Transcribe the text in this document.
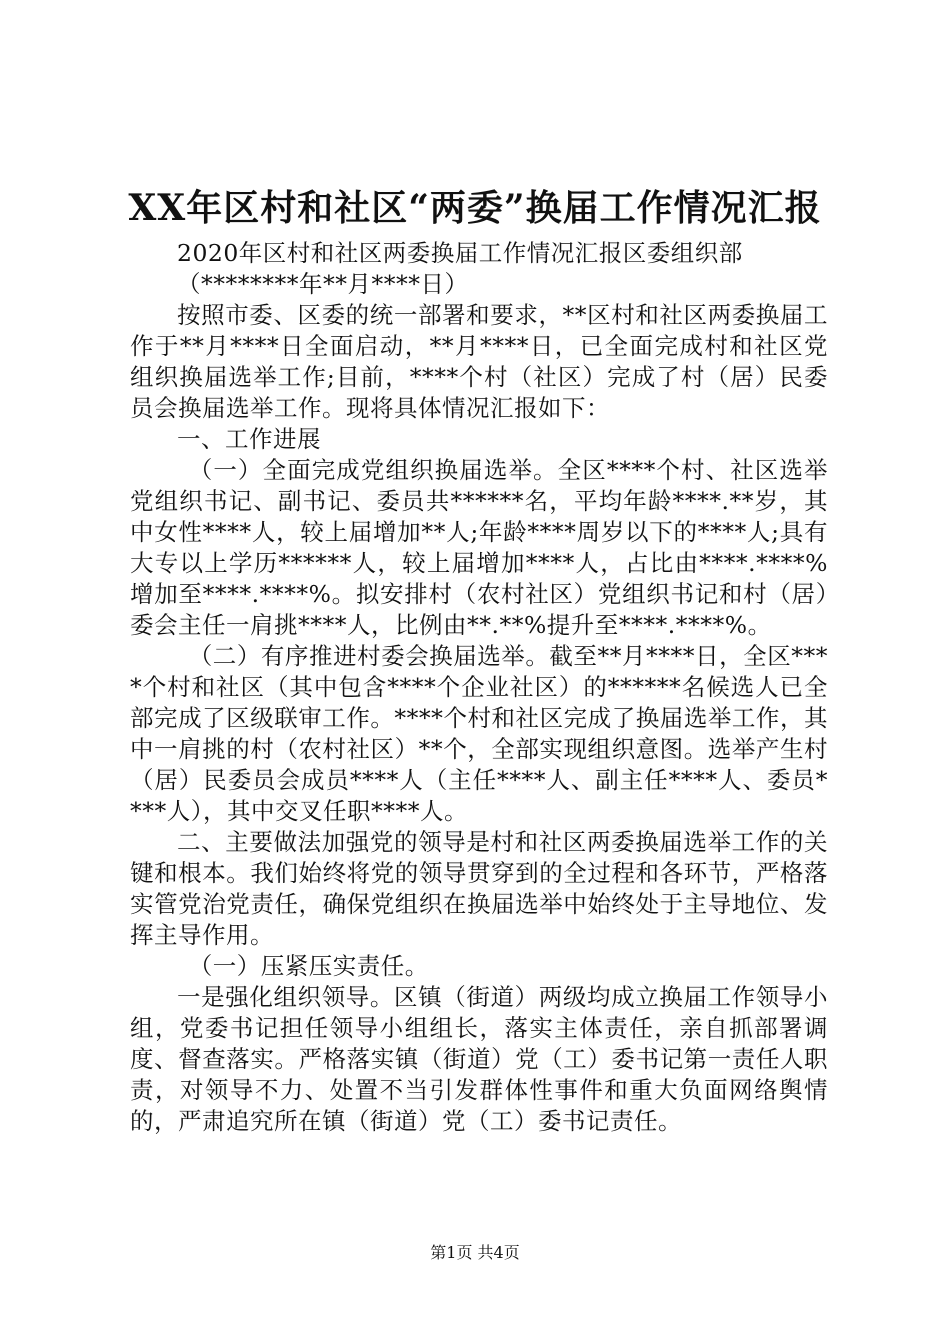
XX年区村和社区“两委”换届工作情况汇报

2020年区村和社区两委换届工作情况汇报区委组织部

（********年**月****日）

按照市委、区委的统一部署和要求，**区村和社区两委换届工作于**月****日全面启动，**月****日，已全面完成村和社区党组织换届选举工作;目前，****个村（社区）完成了村（居）民委员会换届选举工作。现将具体情况汇报如下：

一、工作进展

（一）全面完成党组织换届选举。全区****个村、社区选举党组织书记、副书记、委员共******名，平均年龄****.**岁，其中女性****人，较上届增加**人;年龄****周岁以下的****人;具有大专以上学历******人，较上届增加****人，占比由****.****%增加至****.****%。拟安排村（农村社区）党组织书记和村（居）委会主任一肩挑****人，比例由**.**%提升至****.****%。

（二）有序推进村委会换届选举。截至**月****日，全区****个村和社区（其中包含****个企业社区）的******名候选人已全部完成了区级联审工作。****个村和社区完成了换届选举工作，其中一肩挑的村（农村社区）**个，全部实现组织意图。选举产生村（居）民委员会成员****人（主任****人、副主任****人、委员****人），其中交叉任职****人。

二、主要做法加强党的领导是村和社区两委换届选举工作的关键和根本。我们始终将党的领导贯穿到的全过程和各环节，严格落实管党治党责任，确保党组织在换届选举中始终处于主导地位、发挥主导作用。

（一）压紧压实责任。

一是强化组织领导。区镇（街道）两级均成立换届工作领导小组，党委书记担任领导小组组长，落实主体责任，亲自抓部署调度、督查落实。严格落实镇（街道）党（工）委书记第一责任人职责，对领导不力、处置不当引发群体性事件和重大负面网络舆情的，严肃追究所在镇（街道）党（工）委书记责任。

第1页 共4页
